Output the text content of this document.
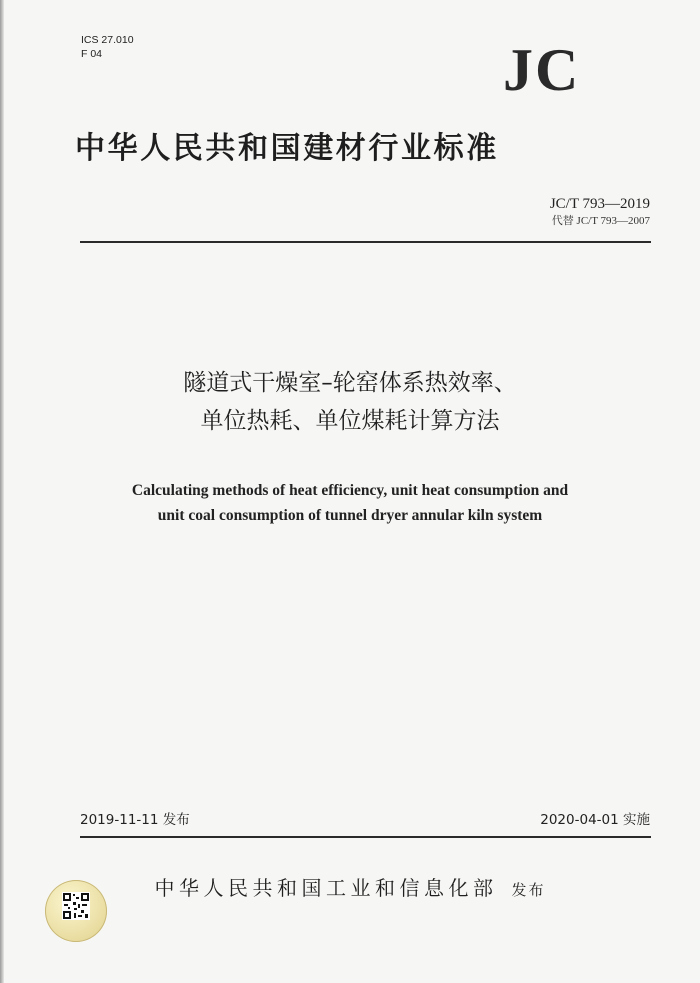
ICS 27.010
F 04	JC
中华人民共和国建材行业标准
JC/T 793—2019
代替 JC/T 793—2007
隧道式干燥室–轮窑体系热效率、
单位热耗、单位煤耗计算方法
Calculating methods of heat efficiency, unit heat consumption and
unit coal consumption of tunnel dryer annular kiln system
2019-11-11 发布	2020-04-01 实施
中华人民共和国工业和信息化部 发布
